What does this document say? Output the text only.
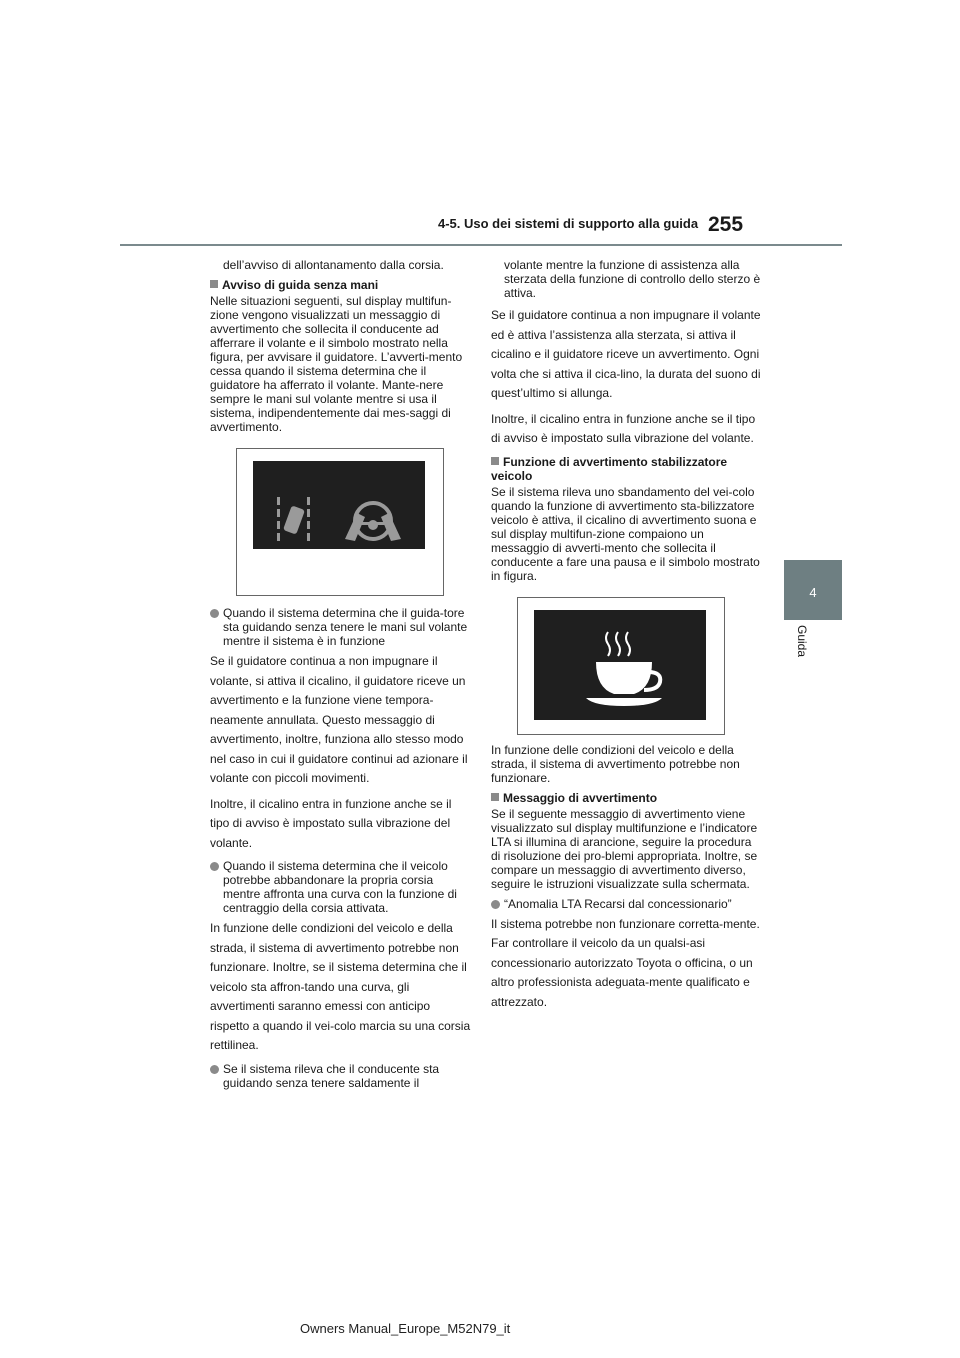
4-5. Uso dei sistemi di supporto alla guida 255
4
Guida

dell’avviso di allontanamento dalla corsia.

Avviso di guida senza mani

Nelle situazioni seguenti, sul display multifun-zione vengono visualizzati un messaggio di avvertimento che sollecita il conducente ad afferrare il volante e il simbolo mostrato nella figura, per avvisare il guidatore. L’avverti-mento cessa quando il sistema determina che il guidatore ha afferrato il volante. Mante-nere sempre le mani sul volante mentre si usa il sistema, indipendentemente dai mes-saggi di avvertimento.

Quando il sistema determina che il guida-tore sta guidando senza tenere le mani sul volante mentre il sistema è in funzione

Se il guidatore continua a non impugnare il volante, si attiva il cicalino, il guidatore riceve un avvertimento e la funzione viene tempora-neamente annullata. Questo messaggio di avvertimento, inoltre, funziona allo stesso modo nel caso in cui il guidatore continui ad azionare il volante con piccoli movimenti.

Inoltre, il cicalino entra in funzione anche se il tipo di avviso è impostato sulla vibrazione del volante.

Quando il sistema determina che il veicolo potrebbe abbandonare la propria corsia mentre affronta una curva con la funzione di centraggio della corsia attivata.

In funzione delle condizioni del veicolo e della strada, il sistema di avvertimento potrebbe non funzionare. Inoltre, se il sistema determina che il veicolo sta affron-tando una curva, gli avvertimenti saranno emessi con anticipo rispetto a quando il vei-colo marcia su una corsia rettilinea.

Se il sistema rileva che il conducente sta guidando senza tenere saldamente il

volante mentre la funzione di assistenza alla sterzata della funzione di controllo dello sterzo è attiva.

Se il guidatore continua a non impugnare il volante ed è attiva l’assistenza alla sterzata, si attiva il cicalino e il guidatore riceve un avvertimento. Ogni volta che si attiva il cica-lino, la durata del suono di quest’ultimo si allunga.

Inoltre, il cicalino entra in funzione anche se il tipo di avviso è impostato sulla vibrazione del volante.

Funzione di avvertimento stabilizzatore veicolo

Se il sistema rileva uno sbandamento del vei-colo quando la funzione di avvertimento sta-bilizzatore veicolo è attiva, il cicalino di avvertimento suona e sul display multifun-zione compaiono un messaggio di avverti-mento che sollecita il conducente a fare una pausa e il simbolo mostrato in figura.

In funzione delle condizioni del veicolo e della strada, il sistema di avvertimento potrebbe non funzionare.

Messaggio di avvertimento

Se il seguente messaggio di avvertimento viene visualizzato sul display multifunzione e l’indicatore LTA si illumina di arancione, seguire la procedura di risoluzione dei pro-blemi appropriata. Inoltre, se compare un messaggio di avvertimento diverso, seguire le istruzioni visualizzate sulla schermata.

“Anomalia LTA Recarsi dal concessionario”

Il sistema potrebbe non funzionare corretta-mente. Far controllare il veicolo da un qualsi-asi concessionario autorizzato Toyota o officina, o un altro professionista adeguata-mente qualificato e attrezzato.

Owners Manual_Europe_M52N79_it
